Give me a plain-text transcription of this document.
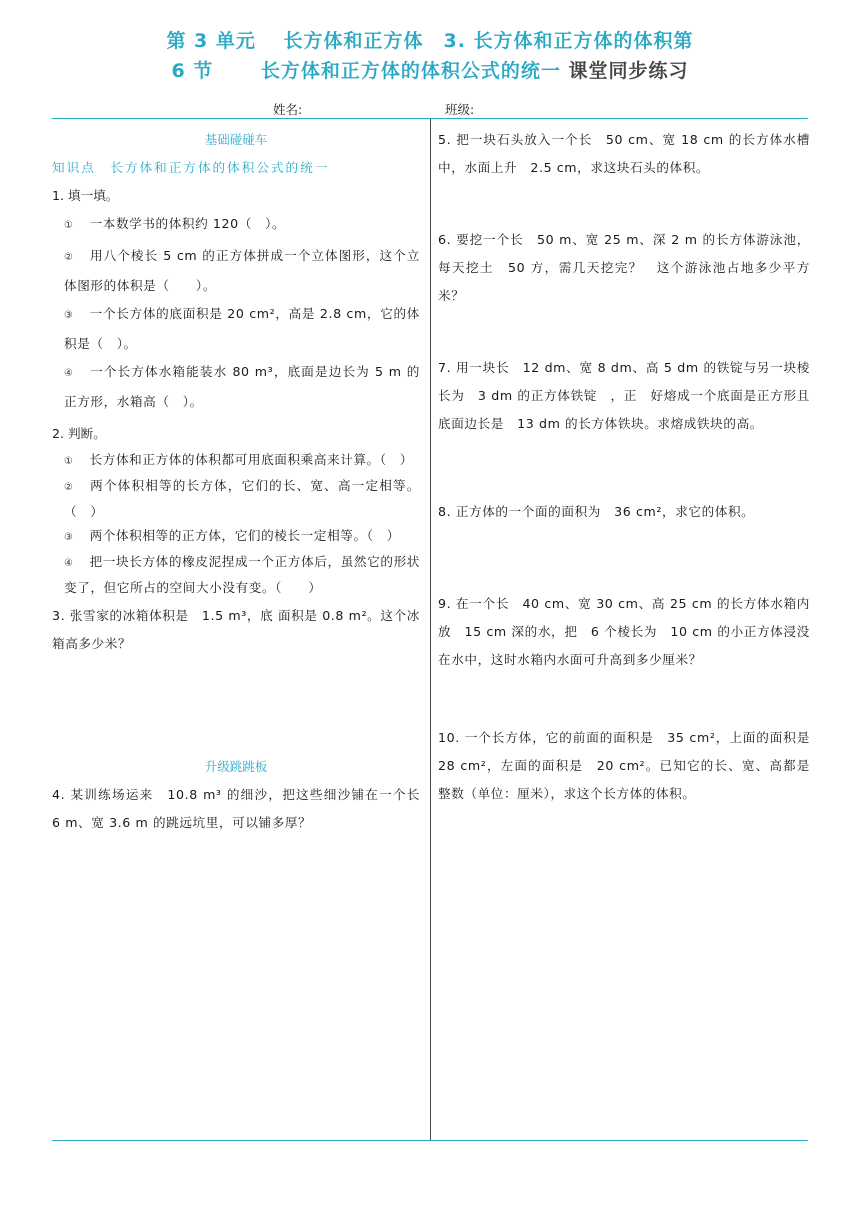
第 3 单元　 长方体和正方体　3. 长方体和正方体的体积第
6 节　　 长方体和正方体的体积公式的统一 课堂同步练习
姓名:	班级:
基础碰碰车
知识点　长方体和正方体的体积公式的统一
1. 填一填。
① 一本数学书的体积约 120（　）。
② 用八个棱长 5 cm 的正方体拼成一个立体图形，这个立体图形的体积是（　　）。
③ 一个长方体的底面积是 20 cm²，高是 2.8 cm，它的体积是（　）。
④ 一个长方体水箱能装水 80 m³，底面是边长为 5 m 的正方形，水箱高（　）。
2. 判断。
① 长方体和正方体的体积都可用底面积乘高来计算。（　）
② 两个体积相等的长方体，它们的长、宽、高一定相等。（　）
③ 两个体积相等的正方体，它们的棱长一定相等。（　）
④ 把一块长方体的橡皮泥捏成一个正方体后，虽然它的形状变了，但它所占的空间大小没有变。（　　）
3. 张雪家的冰箱体积是　1.5 m³，底 面积是 0.8 m²。这个冰箱高多少米？
升级跳跳板
4. 某训练场运来　10.8 m³ 的细沙，把这些细沙铺在一个长　6 m、宽 3.6 m 的跳远坑里，可以铺多厚？
5. 把一块石头放入一个长　50 cm、宽 18 cm 的长方体水槽中，水面上升　2.5 cm，求这块石头的体积。
6. 要挖一个长　50 m、宽 25 m、深 2 m 的长方体游泳池，每天挖土　50 方，需几天挖完？　这个游泳池占地多少平方米？
7. 用一块长　12 dm、宽 8 dm、高 5 dm 的铁锭与另一块棱长为　3 dm 的正方体铁锭　，正　好熔成一个底面是正方形且底面边长是　13 dm 的长方体铁块。求熔成铁块的高。
8. 正方体的一个面的面积为　36 cm²，求它的体积。
9. 在一个长　40 cm、宽 30 cm、高 25 cm 的长方体水箱内放　15 cm 深的水，把　6 个棱长为　10 cm 的小正方体浸没在水中，这时水箱内水面可升高到多少厘米？
10. 一个长方体，它的前面的面积是　35 cm²，上面的面积是 28 cm²，左面的面积是　20 cm²。已知它的长、宽、高都是整数（单位：厘米），求这个长方体的体积。
